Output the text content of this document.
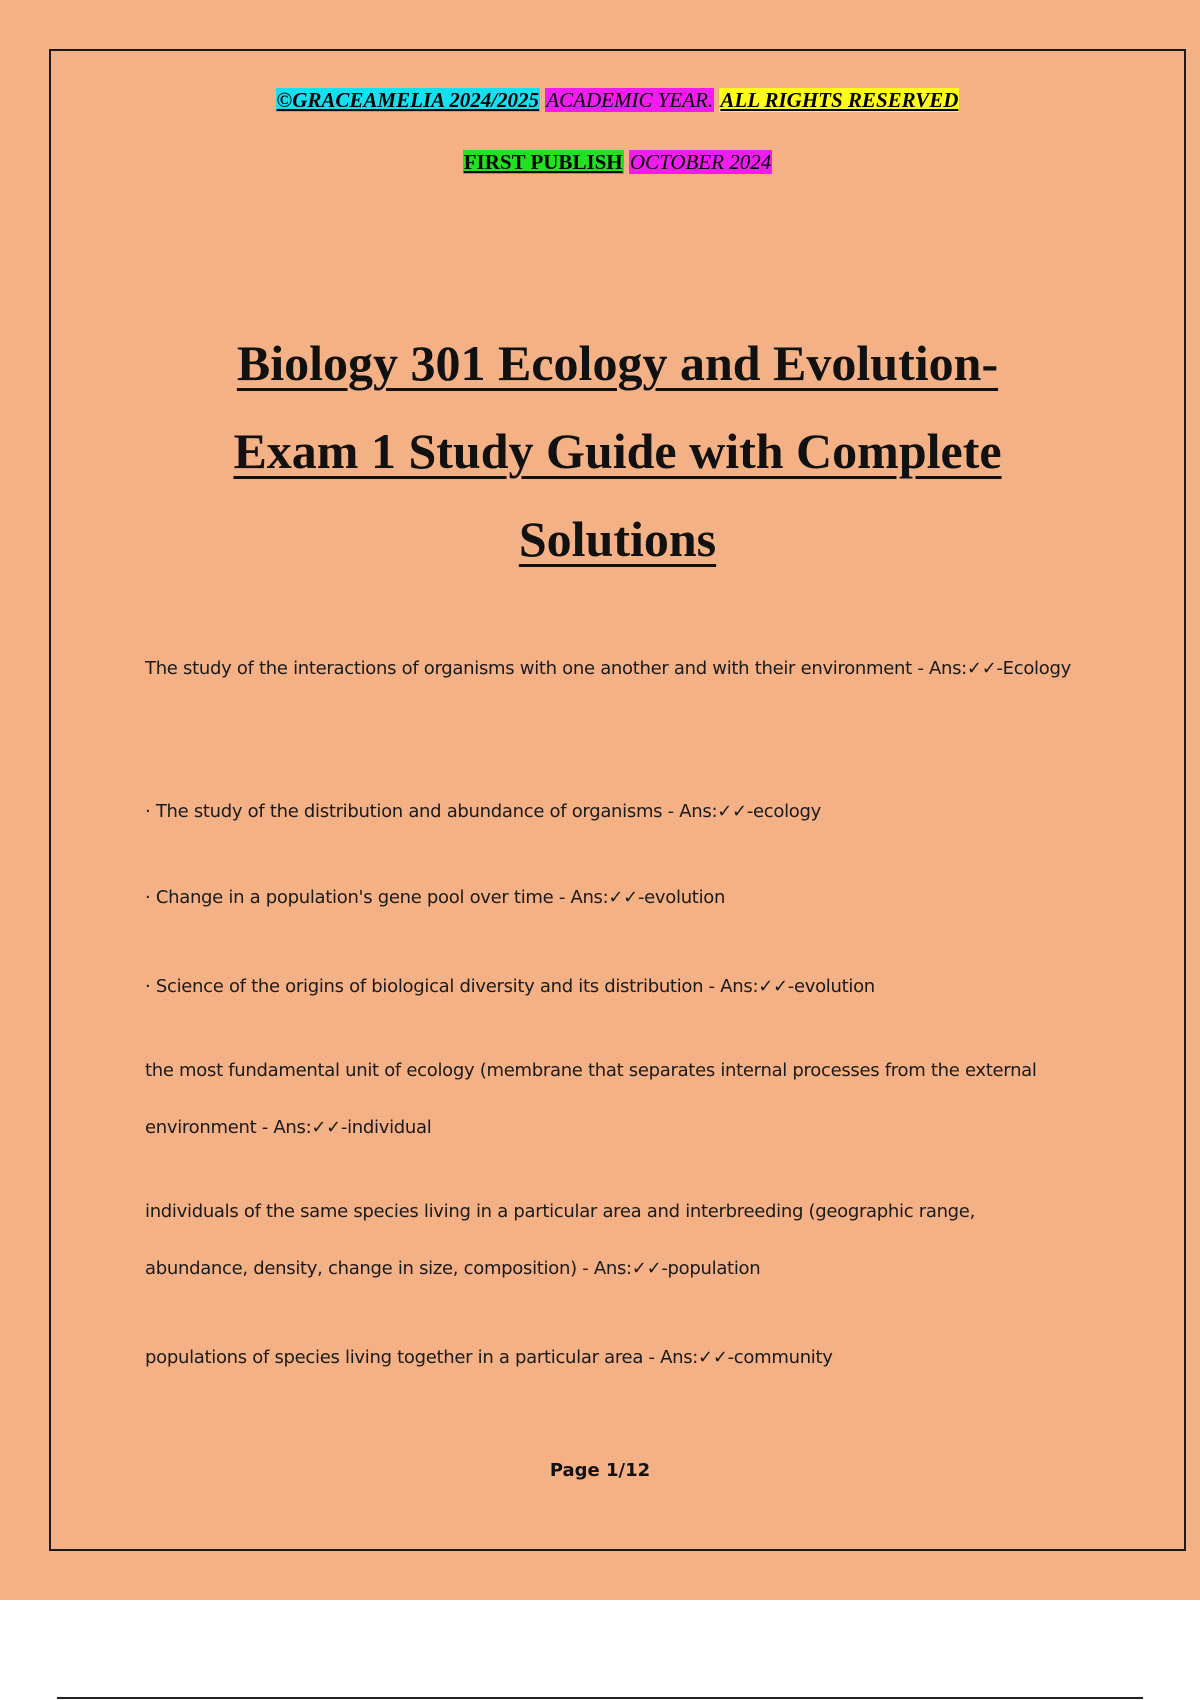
©GRACEAMELIA 2024/2025 ACADEMIC YEAR. ALL RIGHTS RESERVED
FIRST PUBLISH OCTOBER 2024
Biology 301 Ecology and Evolution-
Exam 1 Study Guide with Complete
Solutions
The study of the interactions of organisms with one another and with their environment - Ans:✓✓-Ecology
· The study of the distribution and abundance of organisms - Ans:✓✓-ecology
· Change in a population's gene pool over time - Ans:✓✓-evolution
· Science of the origins of biological diversity and its distribution - Ans:✓✓-evolution
the most fundamental unit of ecology (membrane that separates internal processes from the external environment - Ans:✓✓-individual
individuals of the same species living in a particular area and interbreeding (geographic range, abundance, density, change in size, composition) - Ans:✓✓-population
populations of species living together in a particular area - Ans:✓✓-community
Page 1/12
